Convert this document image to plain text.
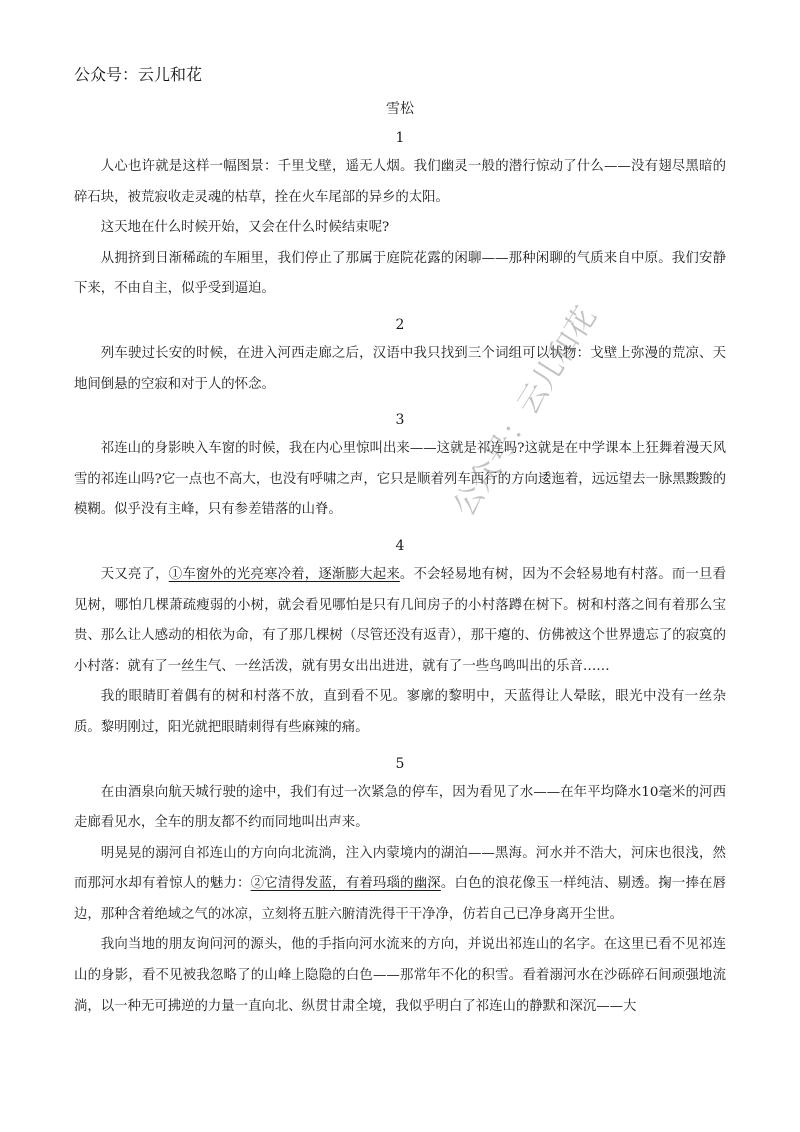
公众号：云儿和花
雪松
1

人心也许就是这样一幅图景：千里戈壁，遥无人烟。我们幽灵一般的潜行惊动了什么——没有翅尽黑暗的碎石块，被荒寂收走灵魂的枯草，拴在火车尾部的异乡的太阳。

这天地在什么时候开始，又会在什么时候结束呢?

从拥挤到日渐稀疏的车厢里，我们停止了那属于庭院花露的闲聊——那种闲聊的气质来自中原。我们安静下来，不由自主，似乎受到逼迫。

2

列车驶过长安的时候，在进入河西走廊之后，汉语中我只找到三个词组可以状物：戈壁上弥漫的荒凉、天地间倒悬的空寂和对于人的怀念。

3

祁连山的身影映入车窗的时候，我在内心里惊叫出来——这就是祁连吗?这就是在中学课本上狂舞着漫天风雪的祁连山吗?它一点也不高大，也没有呼啸之声，它只是顺着列车西行的方向逶迤着，远远望去一脉黑黢黢的模糊。似乎没有主峰，只有参差错落的山脊。

4

天又亮了，①车窗外的光亮寒冷着，逐渐膨大起来。不会轻易地有树，因为不会轻易地有村落。而一旦看见树，哪怕几棵萧疏瘦弱的小树，就会看见哪怕是只有几间房子的小村落蹲在树下。树和村落之间有着那么宝贵、那么让人感动的相依为命，有了那几棵树（尽管还没有返青），那干瘪的、仿佛被这个世界遗忘了的寂寞的小村落：就有了一丝生气、一丝活泼，就有男女出出进进，就有了一些鸟鸣叫出的乐音……

我的眼睛盯着偶有的树和村落不放，直到看不见。寥廓的黎明中，天蓝得让人晕眩，眼光中没有一丝杂质。黎明刚过，阳光就把眼睛刺得有些麻辣的痛。

5

在由酒泉向航天城行驶的途中，我们有过一次紧急的停车，因为看见了水——在年平均降水10毫米的河西走廊看见水，全车的朋友都不约而同地叫出声来。

明晃晃的溺河自祁连山的方向向北流淌，注入内蒙境内的湖泊——黑海。河水并不浩大，河床也很浅，然而那河水却有着惊人的魅力：②它清得发蓝，有着玛瑙的幽深。白色的浪花像玉一样纯洁、剔透。掬一捧在唇边，那种含着绝域之气的冰凉，立刻将五脏六腑清洗得干干净净，仿若自己已净身离开尘世。

我向当地的朋友询问河的源头，他的手指向河水流来的方向，并说出祁连山的名字。在这里已看不见祁连山的身影，看不见被我忽略了的山峰上隐隐的白色——那常年不化的积雪。看着溺河水在沙砾碎石间顽强地流淌，以一种无可拂逆的力量一直向北、纵贯甘肃全境，我似乎明白了祁连山的静默和深沉——大

公众号：云儿和花
